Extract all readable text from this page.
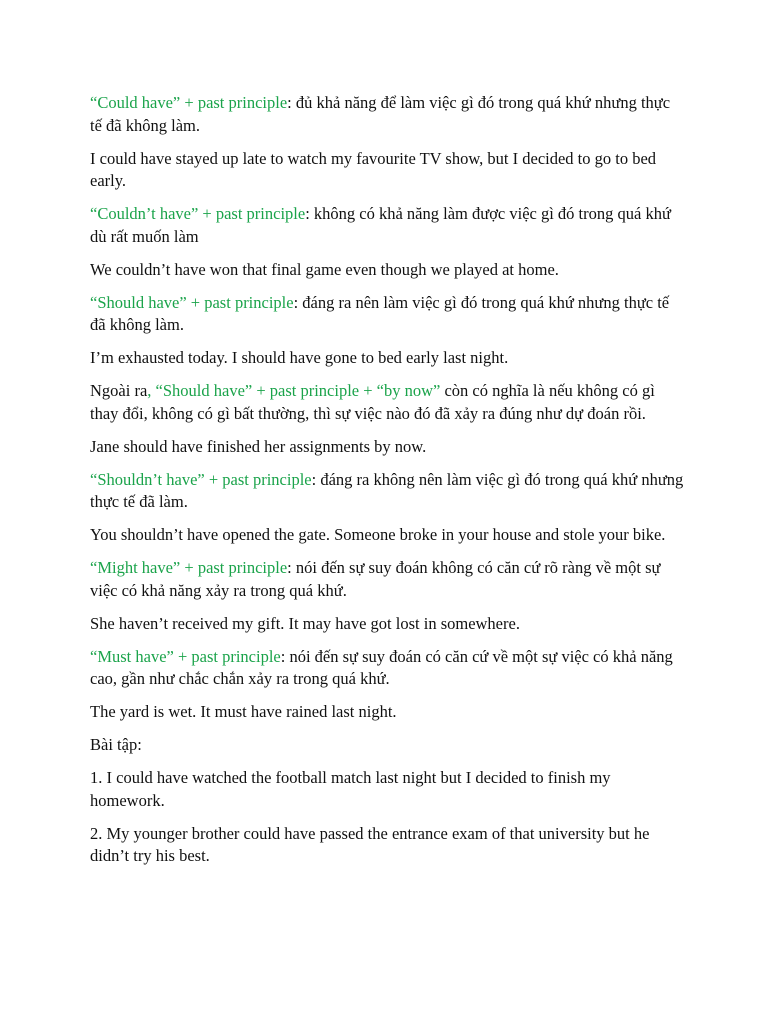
“Could have” + past principle: đủ khả năng để làm việc gì đó trong quá khứ nhưng thực tế đã không làm.

I could have stayed up late to watch my favourite TV show, but I decided to go to bed early.

“Couldn’t have” + past principle: không có khả năng làm được việc gì đó trong quá khứ dù rất muốn làm

We couldn’t have won that final game even though we played at home.

“Should have” + past principle: đáng ra nên làm việc gì đó trong quá khứ nhưng thực tế đã không làm.

I’m exhausted today. I should have gone to bed early last night.

Ngoài ra, “Should have” + past principle + “by now” còn có nghĩa là nếu không có gì thay đổi, không có gì bất thường, thì sự việc nào đó đã xảy ra đúng như dự đoán rồi.

Jane should have finished her assignments by now.

“Shouldn’t have” + past principle: đáng ra không nên làm việc gì đó trong quá khứ nhưng thực tế đã làm.

You shouldn’t have opened the gate. Someone broke in your house and stole your bike.

“Might have” + past principle: nói đến sự suy đoán không có căn cứ rõ ràng về một sự việc có khả năng xảy ra trong quá khứ.

She haven’t received my gift. It may have got lost in somewhere.

“Must have” + past principle: nói đến sự suy đoán có căn cứ về một sự việc có khả năng cao, gần như chắc chắn xảy ra trong quá khứ.

The yard is wet. It must have rained last night.

Bài tập:

1. I could have watched the football match last night but I decided to finish my homework.

2. My younger brother could have passed the entrance exam of that university but he didn’t try his best.
